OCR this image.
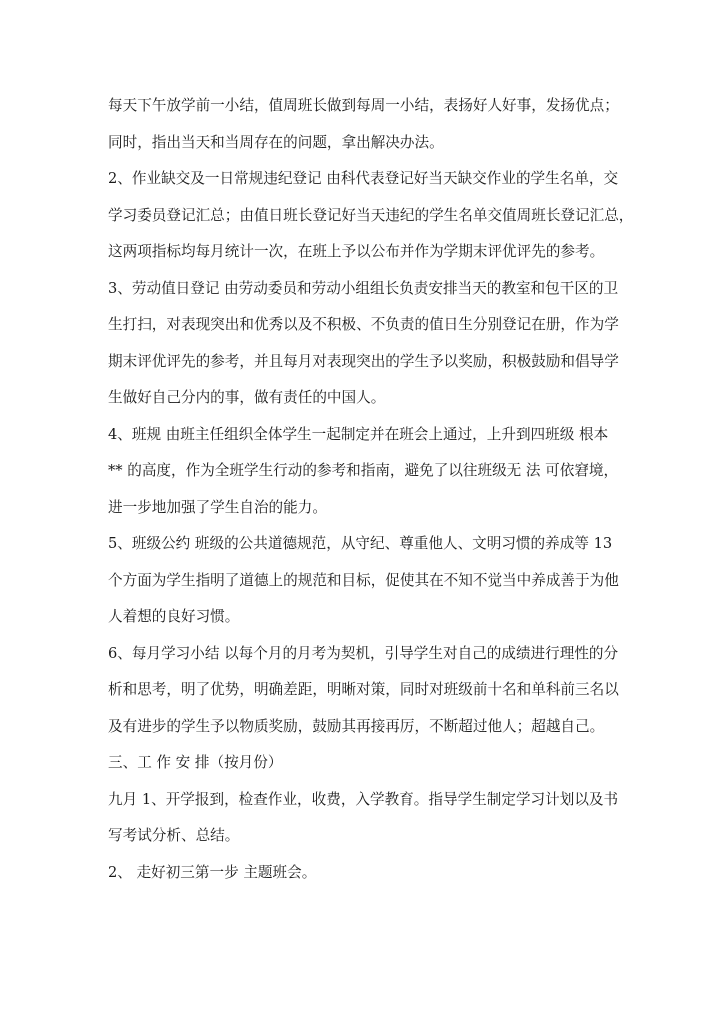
每天下午放学前一小结，值周班长做到每周一小结，表扬好人好事，发扬优点；
同时，指出当天和当周存在的问题，拿出解决办法。
2、作业缺交及一日常规违纪登记 由科代表登记好当天缺交作业的学生名单，交
学习委员登记汇总；由值日班长登记好当天违纪的学生名单交值周班长登记汇总，
这两项指标均每月统计一次，在班上予以公布并作为学期末评优评先的参考。
3、劳动值日登记 由劳动委员和劳动小组组长负责安排当天的教室和包干区的卫
生打扫，对表现突出和优秀以及不积极、不负责的值日生分别登记在册，作为学
期末评优评先的参考，并且每月对表现突出的学生予以奖励，积极鼓励和倡导学
生做好自己分内的事，做有责任的中国人。
4、班规 由班主任组织全体学生一起制定并在班会上通过，上升到四班级 根本
** 的高度，作为全班学生行动的参考和指南，避免了以往班级无 法 可依窘境，
进一步地加强了学生自治的能力。
5、班级公约 班级的公共道德规范，从守纪、尊重他人、文明习惯的养成等 13
个方面为学生指明了道德上的规范和目标，促使其在不知不觉当中养成善于为他
人着想的良好习惯。
6、每月学习小结 以每个月的月考为契机，引导学生对自己的成绩进行理性的分
析和思考，明了优势，明确差距，明晰对策，同时对班级前十名和单科前三名以
及有进步的学生予以物质奖励，鼓励其再接再厉，不断超过他人；超越自己。
三、工 作 安 排（按月份）
九月 1、开学报到，检查作业，收费，入学教育。指导学生制定学习计划以及书
写考试分析、总结。
2、 走好初三第一步 主题班会。
